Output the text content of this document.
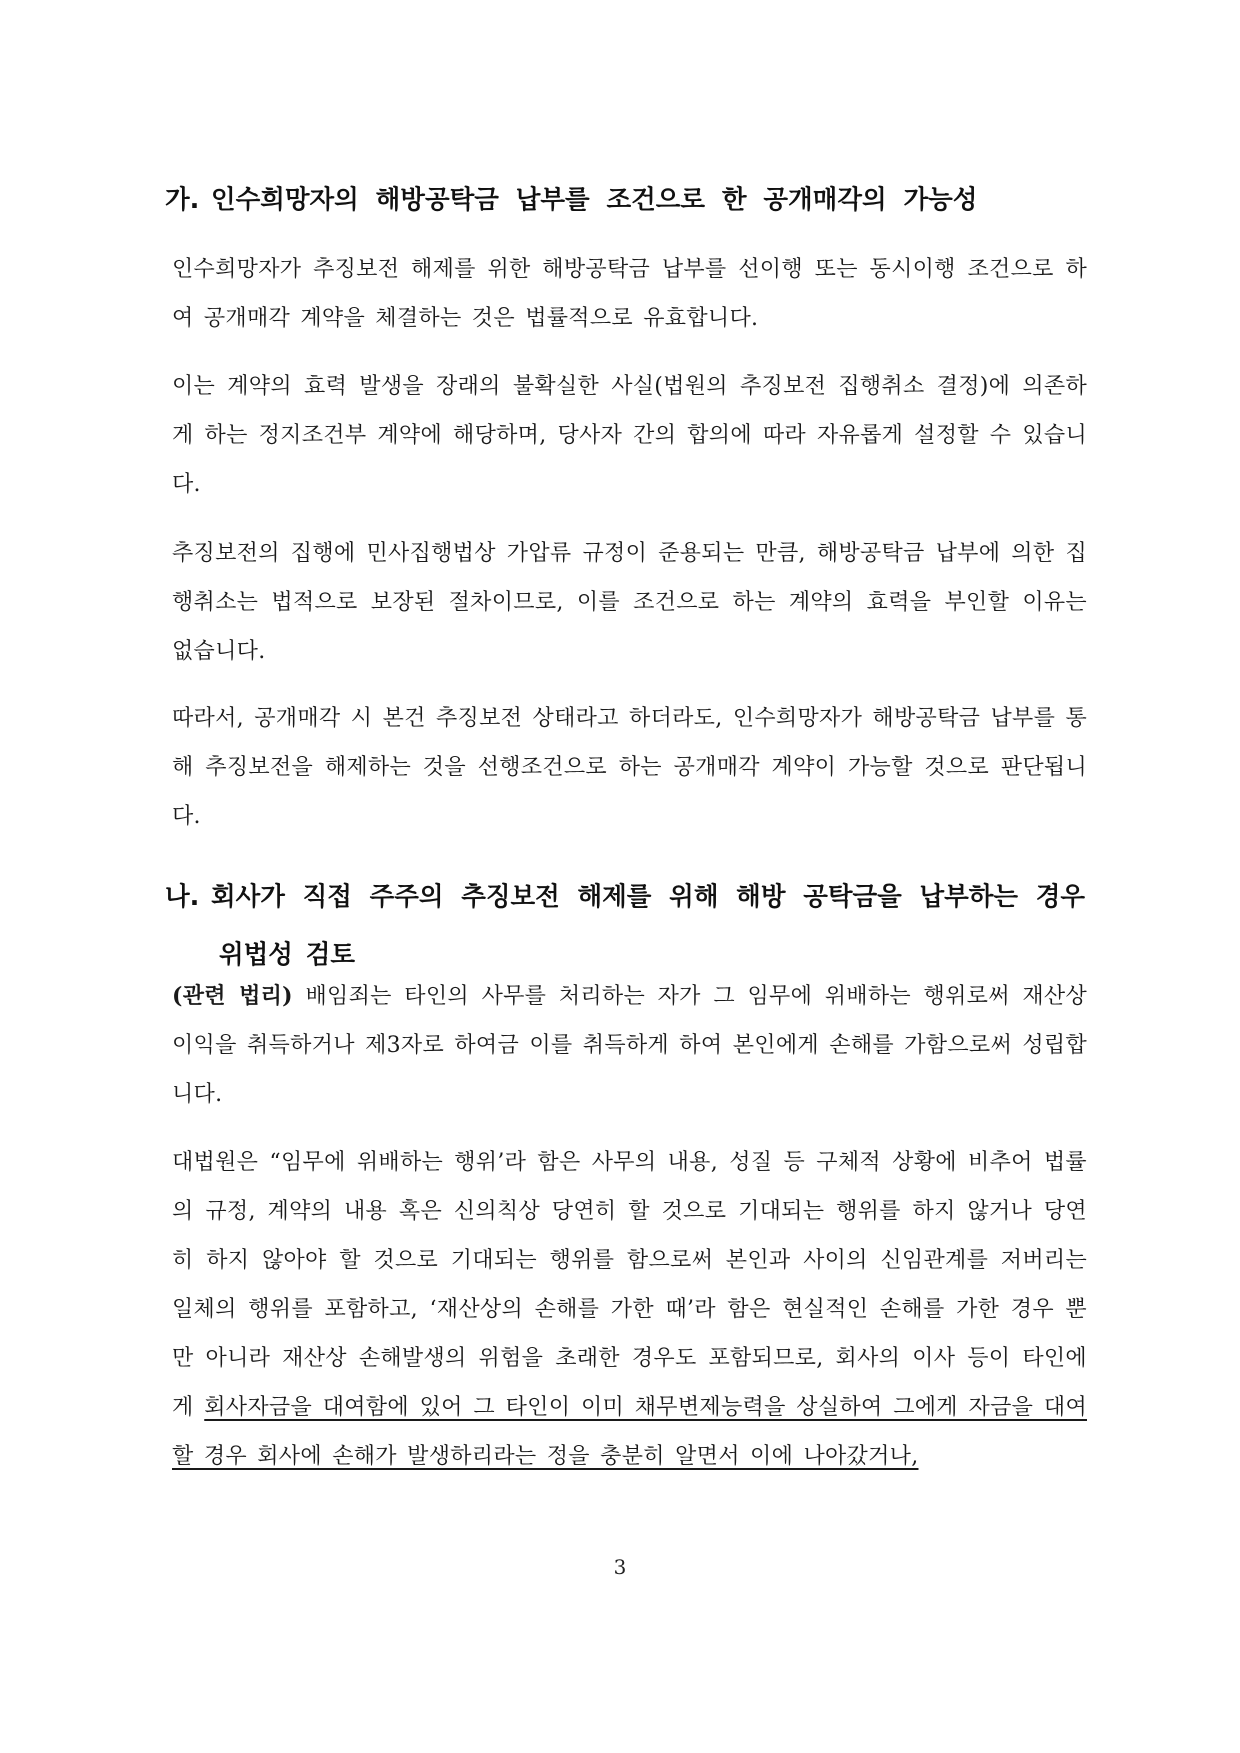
가. 인수희망자의 해방공탁금 납부를 조건으로 한 공개매각의 가능성

인수희망자가 추징보전 해제를 위한 해방공탁금 납부를 선이행 또는 동시이행 조건으로 하여 공개매각 계약을 체결하는 것은 법률적으로 유효합니다.

이는 계약의 효력 발생을 장래의 불확실한 사실(법원의 추징보전 집행취소 결정)에 의존하게 하는 정지조건부 계약에 해당하며, 당사자 간의 합의에 따라 자유롭게 설정할 수 있습니다.

추징보전의 집행에 민사집행법상 가압류 규정이 준용되는 만큼, 해방공탁금 납부에 의한 집행취소는 법적으로 보장된 절차이므로, 이를 조건으로 하는 계약의 효력을 부인할 이유는 없습니다.

따라서, 공개매각 시 본건 추징보전 상태라고 하더라도, 인수희망자가 해방공탁금 납부를 통해 추징보전을 해제하는 것을 선행조건으로 하는 공개매각 계약이 가능할 것으로 판단됩니다.

나. 회사가 직접 주주의 추징보전 해제를 위해 해방 공탁금을 납부하는 경우
위법성 검토

(관련 법리) 배임죄는 타인의 사무를 처리하는 자가 그 임무에 위배하는 행위로써 재산상 이익을 취득하거나 제3자로 하여금 이를 취득하게 하여 본인에게 손해를 가함으로써 성립합니다.

대법원은 “임무에 위배하는 행위’라 함은 사무의 내용, 성질 등 구체적 상황에 비추어 법률의 규정, 계약의 내용 혹은 신의칙상 당연히 할 것으로 기대되는 행위를 하지 않거나 당연히 하지 않아야 할 것으로 기대되는 행위를 함으로써 본인과 사이의 신임관계를 저버리는 일체의 행위를 포함하고, ‘재산상의 손해를 가한 때’라 함은 현실적인 손해를 가한 경우 뿐 만 아니라 재산상 손해발생의 위험을 초래한 경우도 포함되므로, 회사의 이사 등이 타인에게 회사자금을 대여함에 있어 그 타인이 이미 채무변제능력을 상실하여 그에게 자금을 대여할 경우 회사에 손해가 발생하리라는 정을 충분히 알면서 이에 나아갔거나,

3
